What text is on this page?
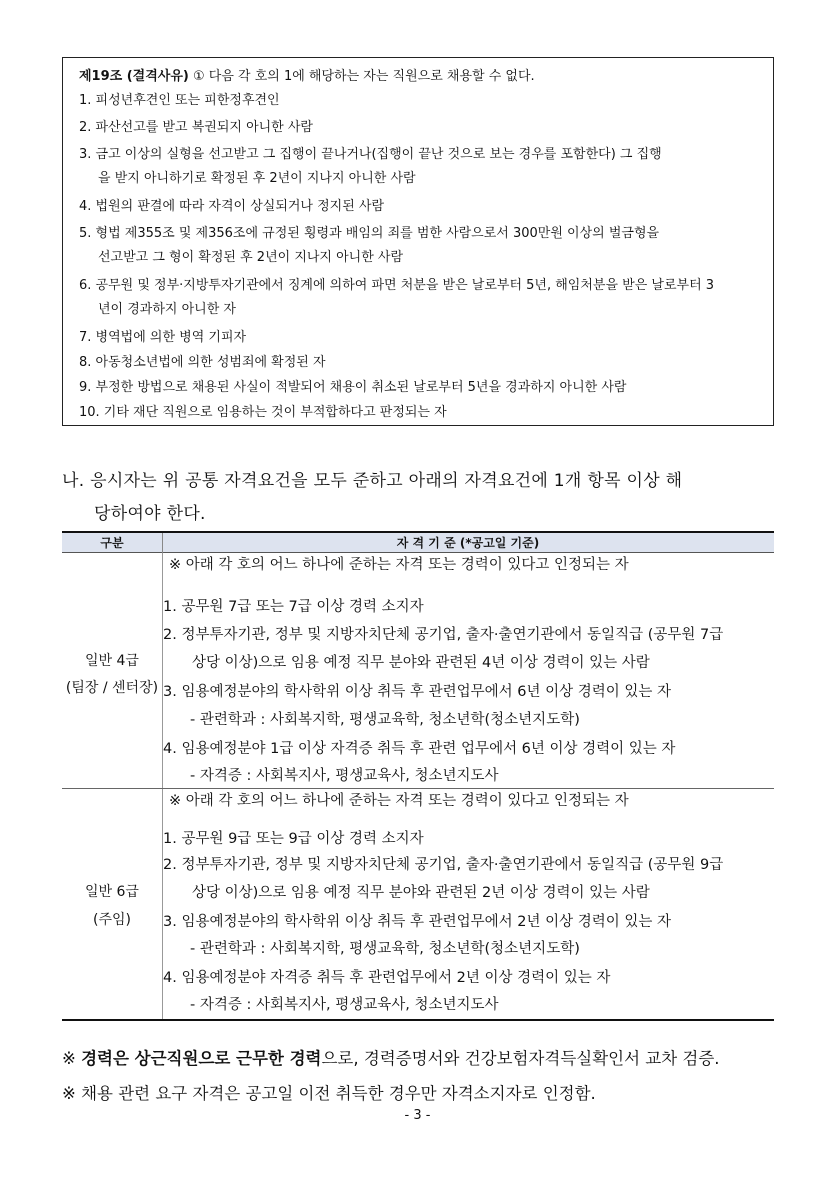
제19조 (결격사유) ① 다음 각 호의 1에 해당하는 자는 직원으로 채용할 수 없다.
1. 피성년후견인 또는 피한정후견인
2. 파산선고를 받고 복권되지 아니한 사람
3. 금고 이상의 실형을 선고받고 그 집행이 끝나거나(집행이 끝난 것으로 보는 경우를 포함한다) 그 집행
을 받지 아니하기로 확정된 후 2년이 지나지 아니한 사람
4. 법원의 판결에 따라 자격이 상실되거나 정지된 사람
5. 형법 제355조 및 제356조에 규정된 횡령과 배임의 죄를 범한 사람으로서 300만원 이상의 벌금형을
선고받고 그 형이 확정된 후 2년이 지나지 아니한 사람
6. 공무원 및 정부·지방투자기관에서 징계에 의하여 파면 처분을 받은 날로부터 5년, 해임처분을 받은 날로부터 3
년이 경과하지 아니한 자
7. 병역법에 의한 병역 기피자
8. 아동청소년법에 의한 성범죄에 확정된 자
9. 부정한 방법으로 채용된 사실이 적발되어 채용이 취소된 날로부터 5년을 경과하지 아니한 사람
10. 기타 재단 직원으로 임용하는 것이 부적합하다고 판정되는 자
나. 응시자는 위 공통 자격요건을 모두 준하고 아래의 자격요건에 1개 항목 이상 해
당하여야 한다.
구분	자 격 기 준 (*공고일 기준)
일반 4급
(팀장 / 센터장)
※ 아래 각 호의 어느 하나에 준하는 자격 또는 경력이 있다고 인정되는 자
1. 공무원 7급 또는 7급 이상 경력 소지자
2. 정부투자기관, 정부 및 지방자치단체 공기업, 출자·출연기관에서 동일직급 (공무원 7급
상당 이상)으로 임용 예정 직무 분야와 관련된 4년 이상 경력이 있는 사람
3. 임용예정분야의 학사학위 이상 취득 후 관련업무에서 6년 이상 경력이 있는 자
- 관련학과 : 사회복지학, 평생교육학, 청소년학(청소년지도학)
4. 임용예정분야 1급 이상 자격증 취득 후 관련 업무에서 6년 이상 경력이 있는 자
- 자격증 : 사회복지사, 평생교육사, 청소년지도사
일반 6급
(주임)
※ 아래 각 호의 어느 하나에 준하는 자격 또는 경력이 있다고 인정되는 자
1. 공무원 9급 또는 9급 이상 경력 소지자
2. 정부투자기관, 정부 및 지방자치단체 공기업, 출자·출연기관에서 동일직급 (공무원 9급
상당 이상)으로 임용 예정 직무 분야와 관련된 2년 이상 경력이 있는 사람
3. 임용예정분야의 학사학위 이상 취득 후 관련업무에서 2년 이상 경력이 있는 자
- 관련학과 : 사회복지학, 평생교육학, 청소년학(청소년지도학)
4. 임용예정분야 자격증 취득 후 관련업무에서 2년 이상 경력이 있는 자
- 자격증 : 사회복지사, 평생교육사, 청소년지도사
※ 경력은 상근직원으로 근무한 경력으로, 경력증명서와 건강보험자격득실확인서 교차 검증.
※ 채용 관련 요구 자격은 공고일 이전 취득한 경우만 자격소지자로 인정함.
- 3 -
